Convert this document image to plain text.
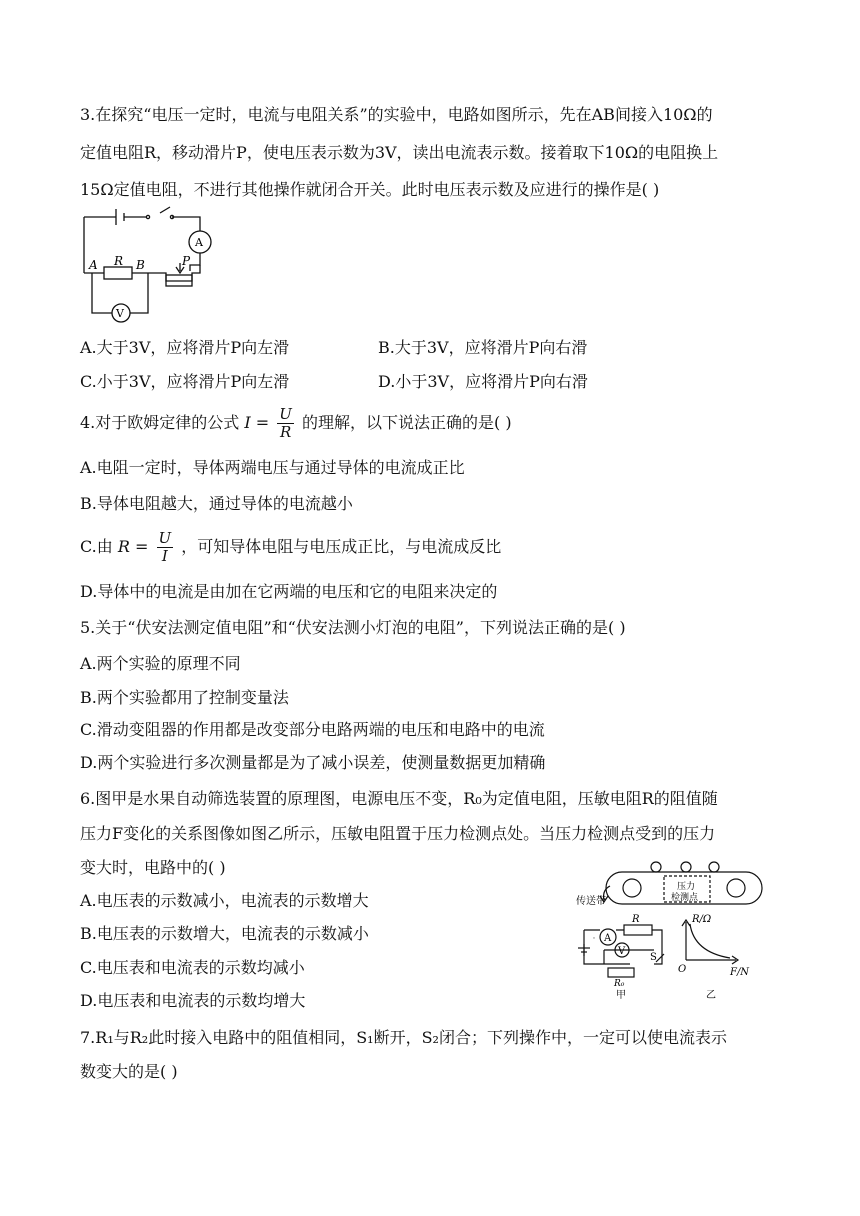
3.在探究“电压一定时，电流与电阻关系”的实验中，电路如图所示，先在AB间接入10Ω的
定值电阻R，移动滑片P，使电压表示数为3V，读出电流表示数。接着取下10Ω的电阻换上
15Ω定值电阻，不进行其他操作就闭合开关。此时电压表示数及应进行的操作是( )
A R B	P
A
V
A.大于3V，应将滑片P向左滑	B.大于3V，应将滑片P向右滑
C.小于3V，应将滑片P向左滑	D.小于3V，应将滑片P向右滑
4.对于欧姆定律的公式 $I = \frac{U}{R}$ 的理解，以下说法正确的是( )
A.电阻一定时，导体两端电压与通过导体的电流成正比
B.导体电阻越大，通过导体的电流越小
C.由 $R = \frac{U}{I}$ ，可知导体电阻与电压成正比，与电流成反比
D.导体中的电流是由加在它两端的电压和它的电阻来决定的
5.关于“伏安法测定值电阻”和“伏安法测小灯泡的电阻”，下列说法正确的是( )
A.两个实验的原理不同
B.两个实验都用了控制变量法
C.滑动变阻器的作用都是改变部分电路两端的电压和电路中的电流
D.两个实验进行多次测量都是为了减小误差，使测量数据更加精确
6.图甲是水果自动筛选装置的原理图，电源电压不变，R₀为定值电阻，压敏电阻R的阻值随
压力F变化的关系图像如图乙所示，压敏电阻置于压力检测点处。当压力检测点受到的压力
变大时，电路中的( )
A.电压表的示数减小，电流表的示数增大
B.电压表的示数增大，电流表的示数减小
C.电压表和电流表的示数均减小
D.电压表和电流表的示数均增大
传送带
压力
检测点
A
V
R
R₀
甲
S
R/Ω
F/N
O
乙
7.R₁与R₂此时接入电路中的阻值相同，S₁断开，S₂闭合；下列操作中，一定可以使电流表示
数变大的是( )
